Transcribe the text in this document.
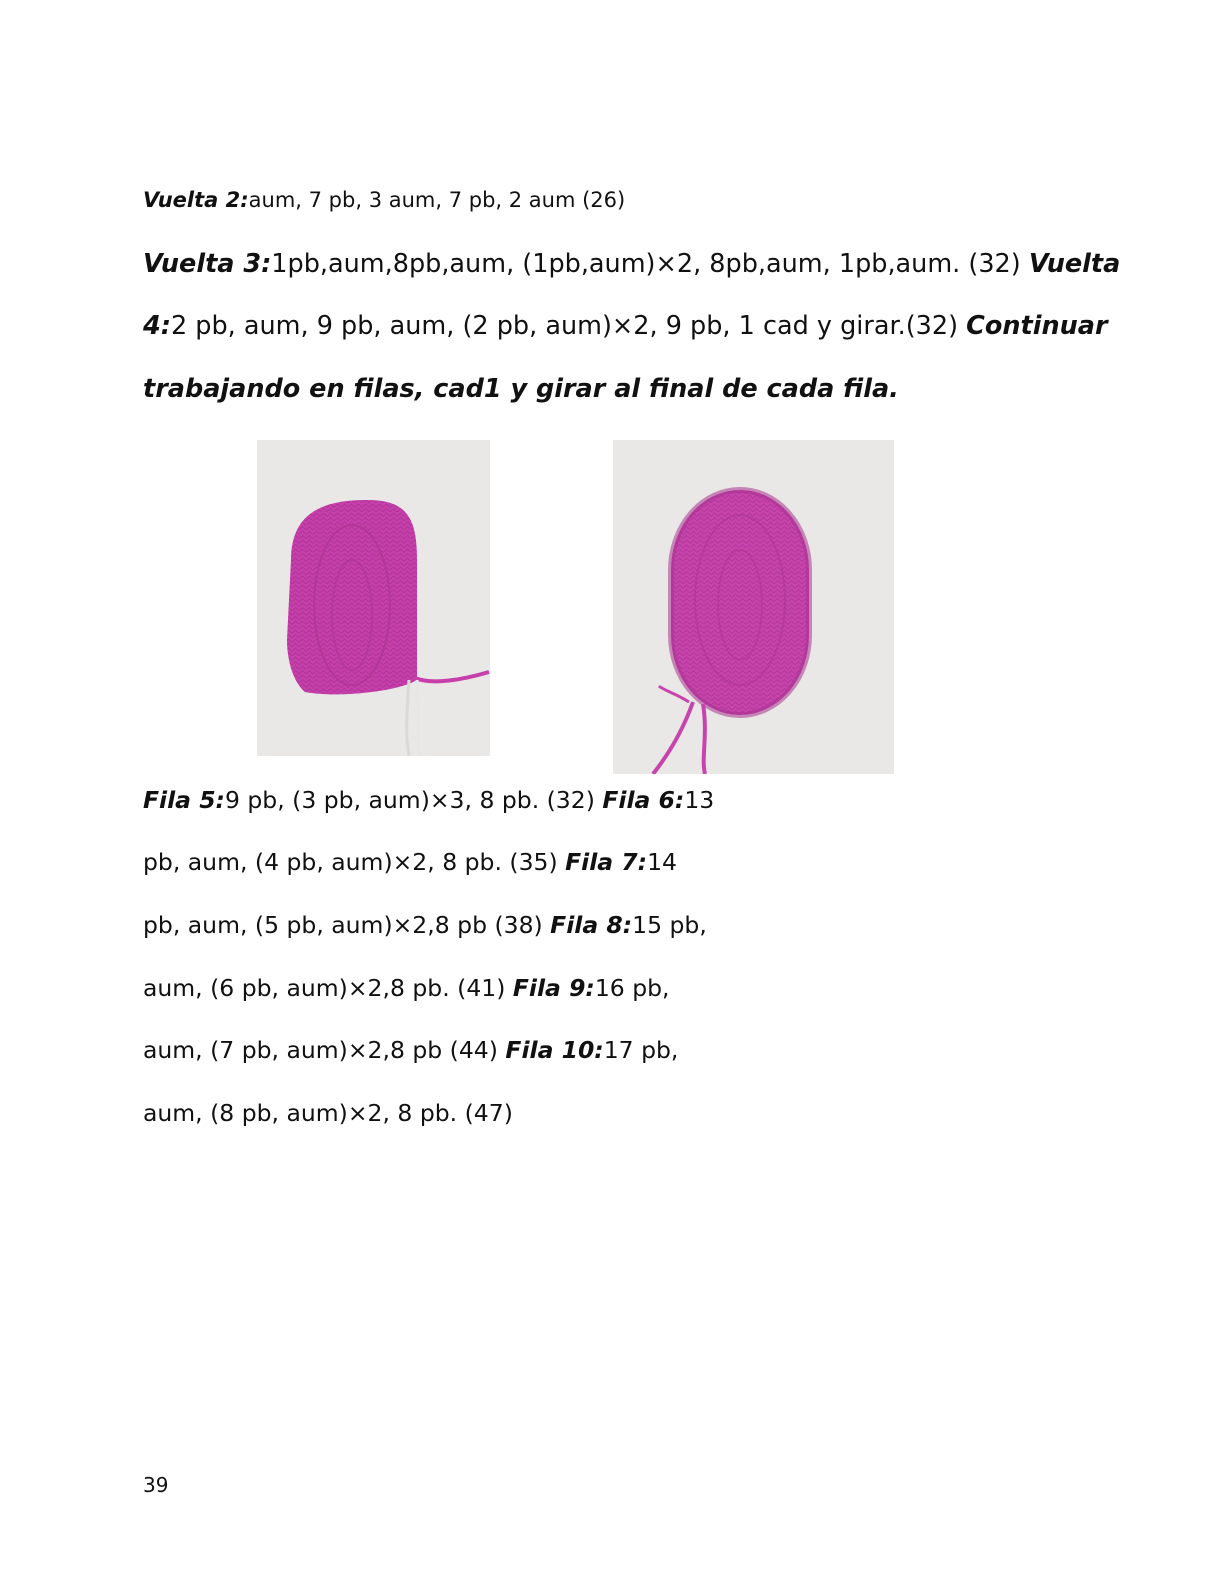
Vuelta 2:aum, 7 pb, 3 aum, 7 pb, 2 aum (26)

Vuelta 3:1pb,aum,8pb,aum, (1pb,aum)×2, 8pb,aum, 1pb,aum. (32) Vuelta

4:2 pb, aum, 9 pb, aum, (2 pb, aum)×2, 9 pb, 1 cad y girar.(32) Continuar

trabajando en filas, cad1 y girar al final de cada fila.

Fila 5:9 pb, (3 pb, aum)×3, 8 pb. (32) Fila 6:13

pb, aum, (4 pb, aum)×2, 8 pb. (35) Fila 7:14

pb, aum, (5 pb, aum)×2,8 pb (38) Fila 8:15 pb,

aum, (6 pb, aum)×2,8 pb. (41) Fila 9:16 pb,

aum, (7 pb, aum)×2,8 pb (44) Fila 10:17 pb,

aum, (8 pb, aum)×2, 8 pb. (47)

39
